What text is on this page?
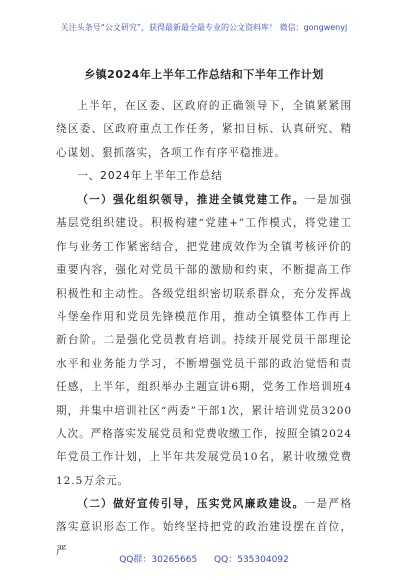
关注头条号“公文研究”，获得最新最全最专业的公文资料库！ 微信：gongwenyj
乡镇2024年上半年工作总结和下半年工作计划
上半年，在区委、区政府的正确领导下，全镇紧紧围绕区委、区政府重点工作任务，紧扣目标、认真研究、精心谋划、狠抓落实，各项工作有序平稳推进。
一、2024年上半年工作总结
（一）强化组织领导，推进全镇党建工作。一是加强基层党组织建设。积极构建“党建+”工作模式，将党建工作与业务工作紧密结合，把党建成效作为全镇考核评价的重要内容，强化对党员干部的激励和约束，不断提高工作积极性和主动性。各级党组织密切联系群众，充分发挥战斗堡垒作用和党员先锋模范作用，推动全镇整体工作再上新台阶。二是强化党员教育培训。持续开展党员干部理论水平和业务能力学习，不断增强党员干部的政治觉悟和责任感，上半年，组织举办主题宣讲6期，党务工作培训班4期，并集中培训社区“两委”干部1次，累计培训党员3200人次。严格落实发展党员和党费收缴工作，按照全镇2024年党员工作计划，上半年共发展党员10名，累计收缴党费12.5万余元。
（二）做好宣传引导，压实党风廉政建设。一是严格落实意识形态工作。始终坚持把党的政治建设摆在首位，严
QQ群：30265665 QQ：535304092
